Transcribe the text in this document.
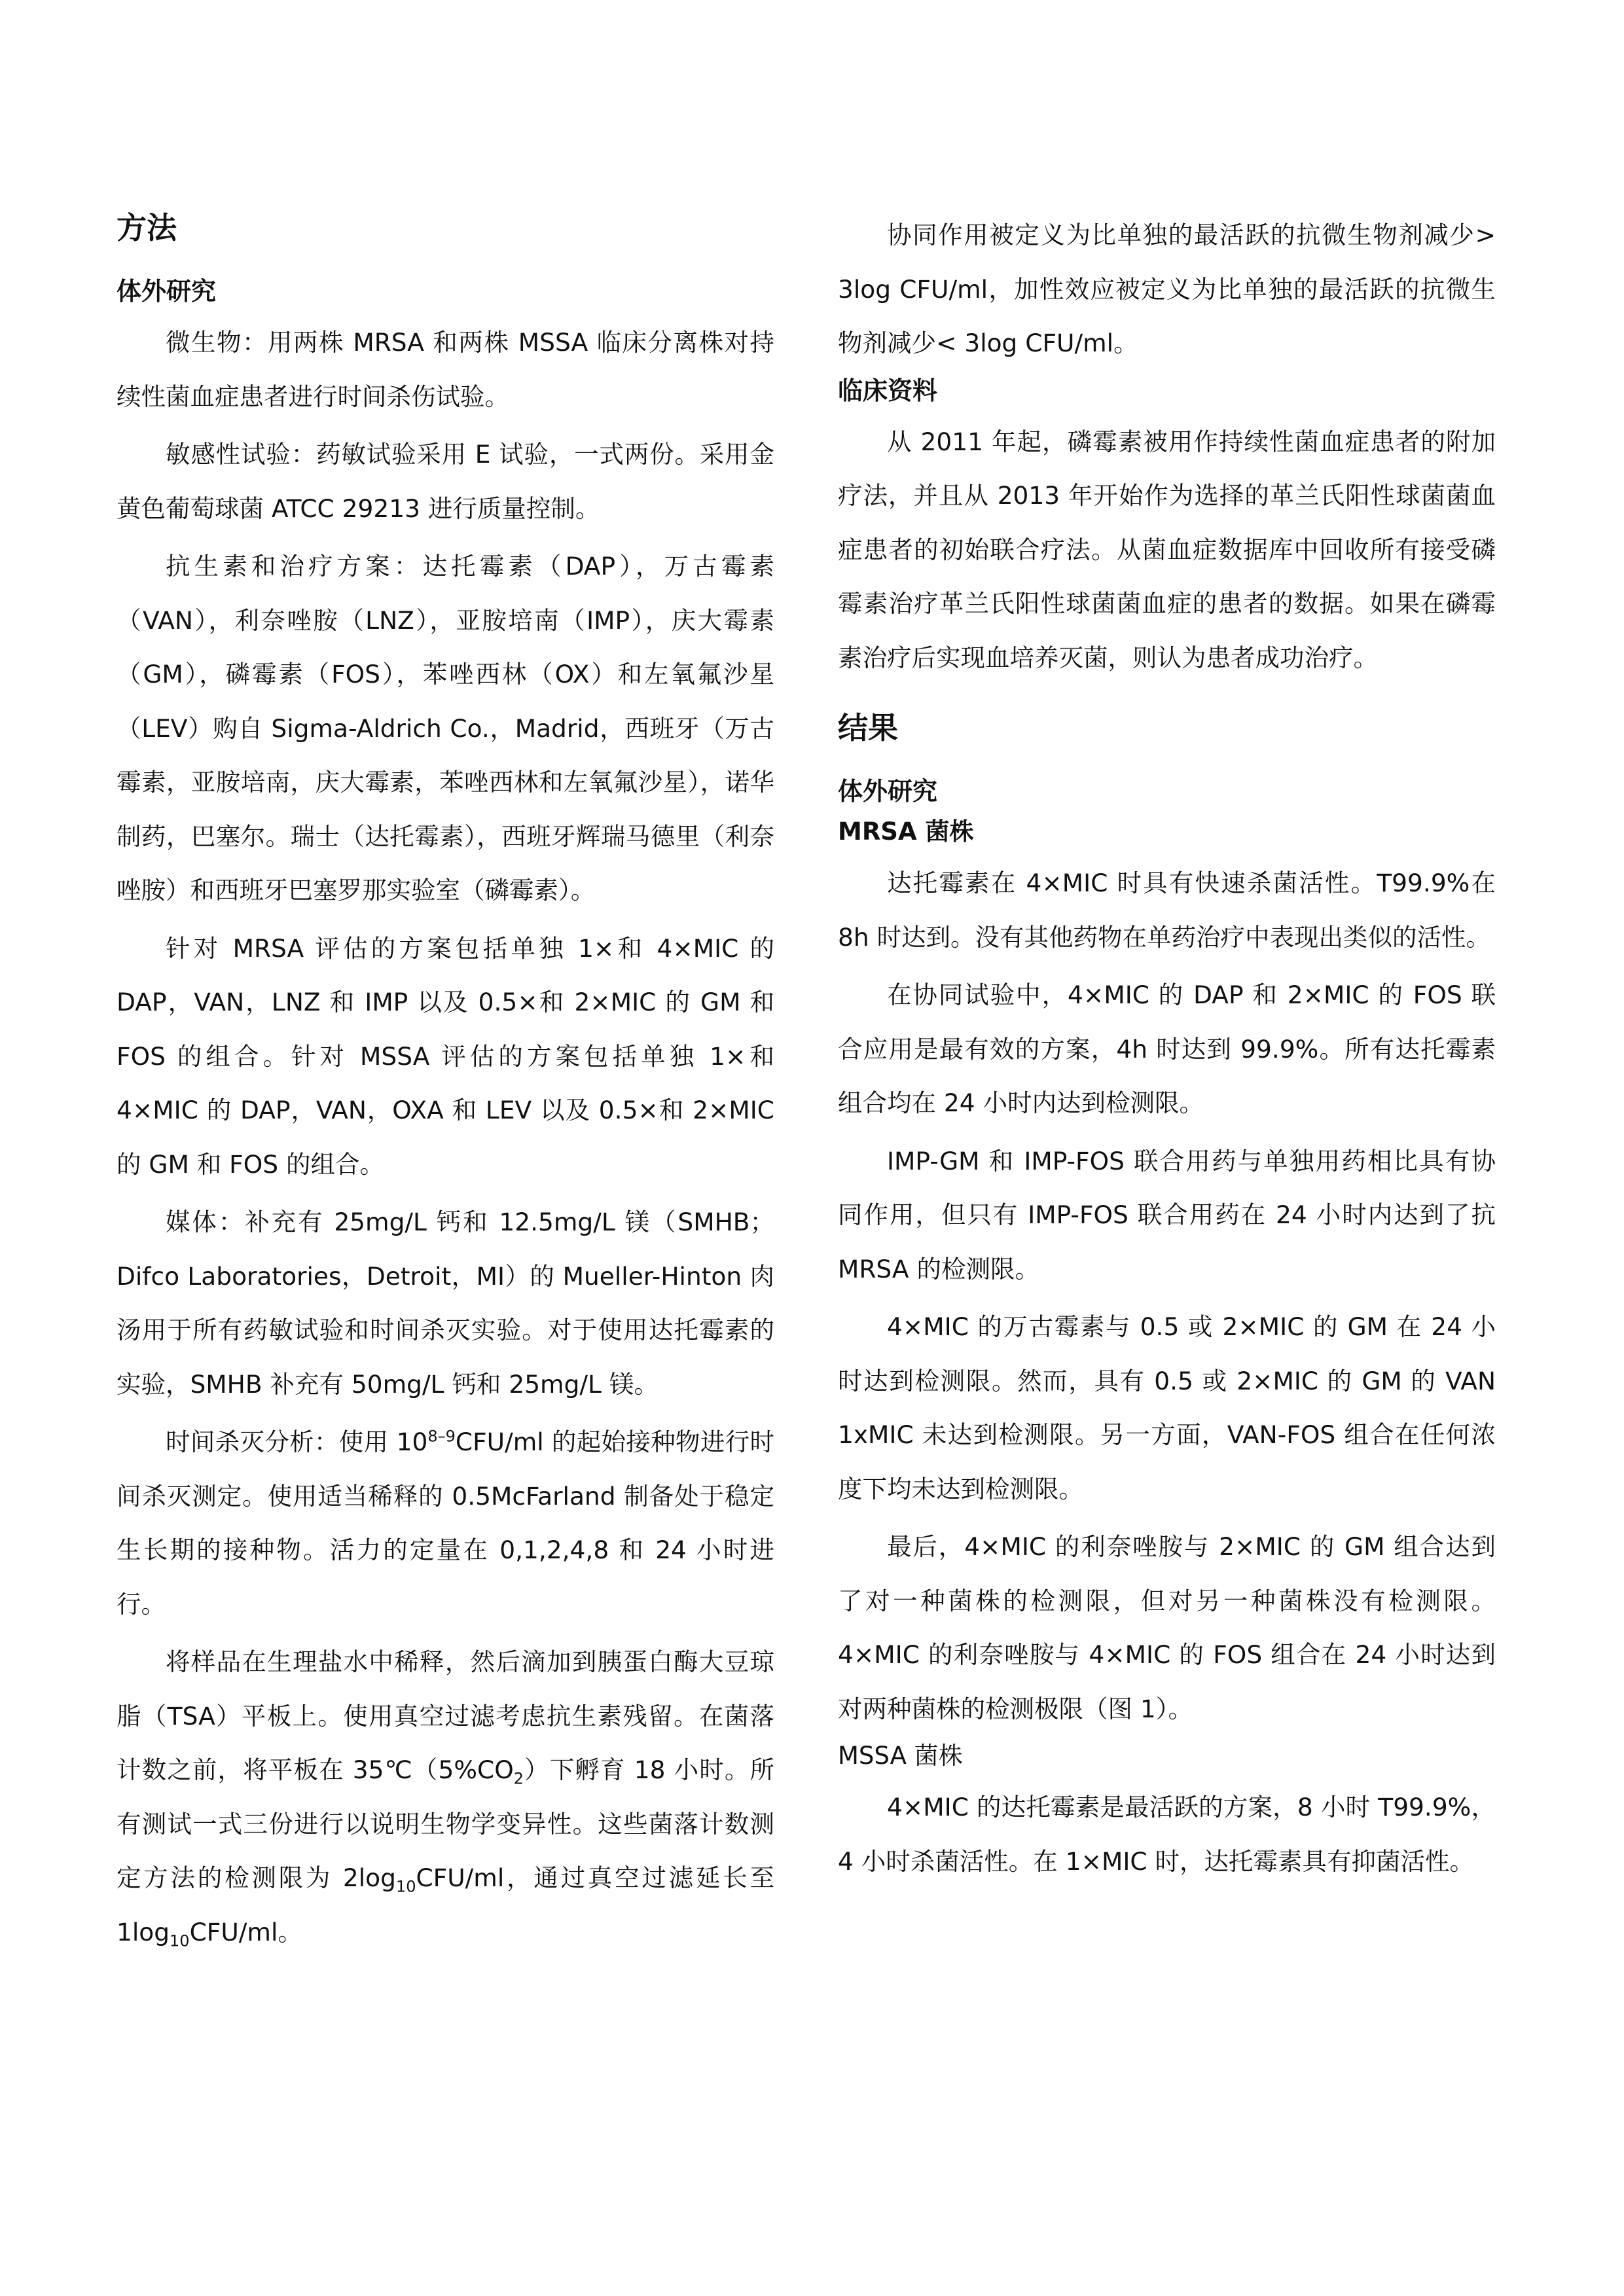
方法
体外研究

微生物：用两株 MRSA 和两株 MSSA 临床分离株对持续性菌血症患者进行时间杀伤试验。

敏感性试验：药敏试验采用 E 试验，一式两份。采用金黄色葡萄球菌 ATCC 29213 进行质量控制。

抗生素和治疗方案：达托霉素（DAP），万古霉素（VAN），利奈唑胺（LNZ），亚胺培南（IMP），庆大霉素（GM），磷霉素（FOS），苯唑西林（OX）和左氧氟沙星（LEV）购自 Sigma-Aldrich Co.，Madrid，西班牙（万古霉素，亚胺培南，庆大霉素，苯唑西林和左氧氟沙星），诺华制药，巴塞尔。瑞士（达托霉素），西班牙辉瑞马德里（利奈唑胺）和西班牙巴塞罗那实验室（磷霉素）。

针对 MRSA 评估的方案包括单独 1×和 4×MIC 的 DAP，VAN，LNZ 和 IMP 以及 0.5×和 2×MIC 的 GM 和 FOS 的组合。针对 MSSA 评估的方案包括单独 1×和 4×MIC 的 DAP，VAN，OXA 和 LEV 以及 0.5×和 2×MIC 的 GM 和 FOS 的组合。

媒体：补充有 25mg/L 钙和 12.5mg/L 镁（SMHB；Difco Laboratories，Detroit，MI）的 Mueller-Hinton 肉汤用于所有药敏试验和时间杀灭实验。对于使用达托霉素的实验，SMHB 补充有 50mg/L 钙和 25mg/L 镁。

时间杀灭分析：使用 10$^{8-9}$CFU/ml 的起始接种物进行时间杀灭测定。使用适当稀释的 0.5McFarland 制备处于稳定生长期的接种物。活力的定量在 0,1,2,4,8 和 24 小时进行。

将样品在生理盐水中稀释，然后滴加到胰蛋白酶大豆琼脂（TSA）平板上。使用真空过滤考虑抗生素残留。在菌落计数之前，将平板在 $35℃(5\%CO_2)$下孵育 18 小时。所有测试一式三份进行以说明生物学变异性。这些菌落计数测定方法的检测限为 $2\log_{10}CFU/ml$，通过真空过滤延长至 $1\log_{10}CFU/ml$。

协同作用被定义为比单独的最活跃的抗微生物剂减少> 3log CFU/ml，加性效应被定义为比单独的最活跃的抗微生物剂减少< 3log CFU/ml。

临床资料

从 2011 年起，磷霉素被用作持续性菌血症患者的附加疗法，并且从 2013 年开始作为选择的革兰氏阳性球菌菌血症患者的初始联合疗法。从菌血症数据库中回收所有接受磷霉素治疗革兰氏阳性球菌菌血症的患者的数据。如果在磷霉素治疗后实现血培养灭菌，则认为患者成功治疗。

结果
体外研究
MRSA 菌株

达托霉素在 4×MIC 时具有快速杀菌活性。T99.9%在 8h 时达到。没有其他药物在单药治疗中表现出类似的活性。

在协同试验中，4×MIC 的 DAP 和 2×MIC 的 FOS 联合应用是最有效的方案，4h 时达到 99.9%。所有达托霉素组合均在 24 小时内达到检测限。

IMP-GM 和 IMP-FOS 联合用药与单独用药相比具有协同作用，但只有 IMP-FOS 联合用药在 24 小时内达到了抗 MRSA 的检测限。

4×MIC 的万古霉素与 0.5 或 2×MIC 的 GM 在 24 小时达到检测限。然而，具有 0.5 或 2×MIC 的 GM 的 VAN 1xMIC 未达到检测限。另一方面，VAN-FOS 组合在任何浓度下均未达到检测限。

最后，4×MIC 的利奈唑胺与 2×MIC 的 GM 组合达到了对一种菌株的检测限，但对另一种菌株没有检测限。4×MIC 的利奈唑胺与 4×MIC 的 FOS 组合在 24 小时达到对两种菌株的检测极限（图 1）。

MSSA 菌株

4×MIC 的达托霉素是最活跃的方案，8 小时 T99.9%，4 小时杀菌活性。在 1×MIC 时，达托霉素具有抑菌活性。
